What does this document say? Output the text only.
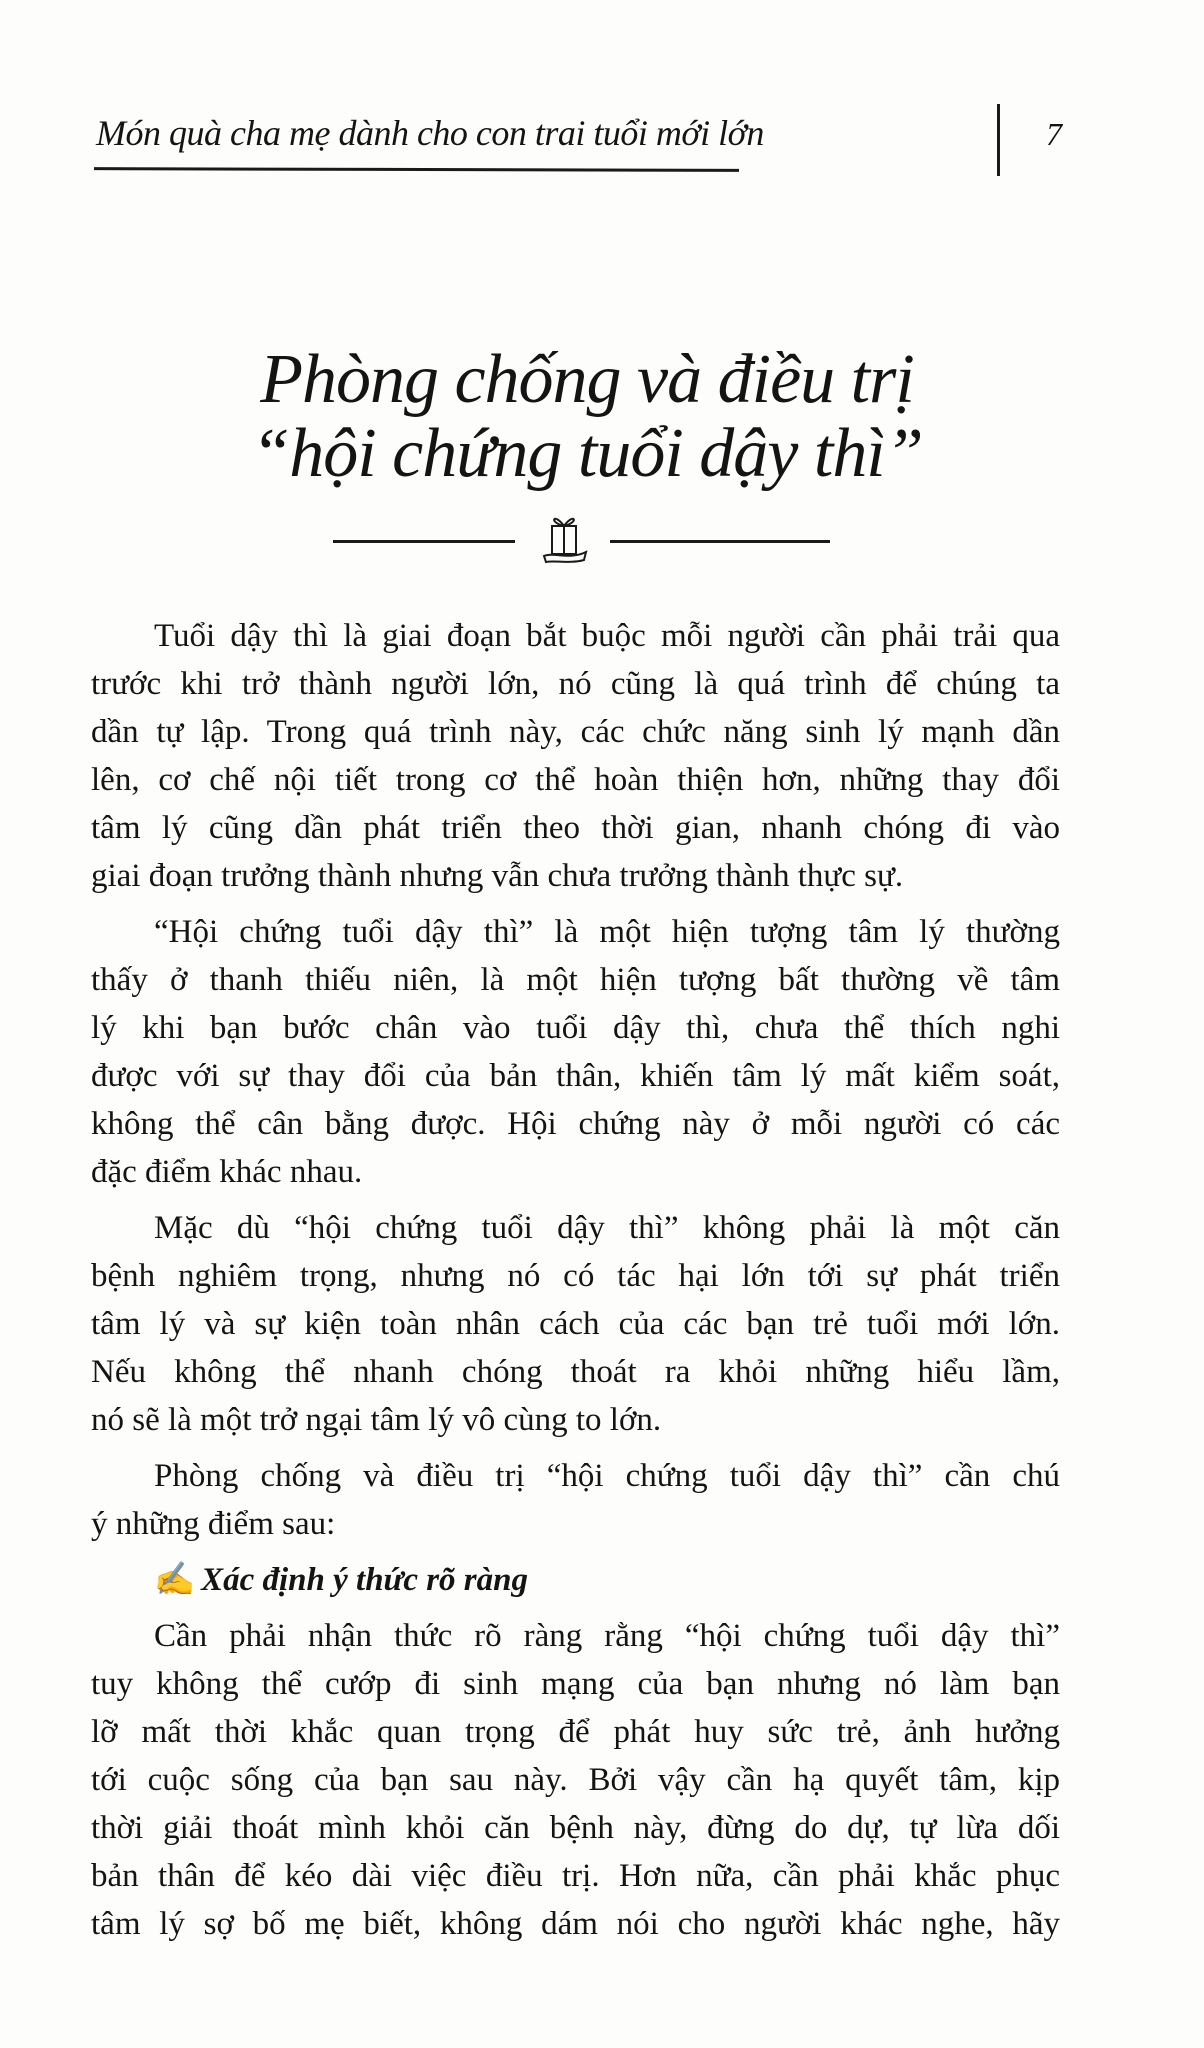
Món quà cha mẹ dành cho con trai tuổi mới lớn	7
Phòng chống và điều trị
“hội chứng tuổi dậy thì”
Tuổi dậy thì là giai đoạn bắt buộc mỗi người cần phải trải qua
trước khi trở thành người lớn, nó cũng là quá trình để chúng ta
dần tự lập. Trong quá trình này, các chức năng sinh lý mạnh dần
lên, cơ chế nội tiết trong cơ thể hoàn thiện hơn, những thay đổi
tâm lý cũng dần phát triển theo thời gian, nhanh chóng đi vào
giai đoạn trưởng thành nhưng vẫn chưa trưởng thành thực sự.
“Hội chứng tuổi dậy thì” là một hiện tượng tâm lý thường
thấy ở thanh thiếu niên, là một hiện tượng bất thường về tâm
lý khi bạn bước chân vào tuổi dậy thì, chưa thể thích nghi
được với sự thay đổi của bản thân, khiến tâm lý mất kiểm soát,
không thể cân bằng được. Hội chứng này ở mỗi người có các
đặc điểm khác nhau.
Mặc dù “hội chứng tuổi dậy thì” không phải là một căn
bệnh nghiêm trọng, nhưng nó có tác hại lớn tới sự phát triển
tâm lý và sự kiện toàn nhân cách của các bạn trẻ tuổi mới lớn.
Nếu không thể nhanh chóng thoát ra khỏi những hiểu lầm,
nó sẽ là một trở ngại tâm lý vô cùng to lớn.
Phòng chống và điều trị “hội chứng tuổi dậy thì” cần chú
ý những điểm sau:
✍ Xác định ý thức rõ ràng
Cần phải nhận thức rõ ràng rằng “hội chứng tuổi dậy thì”
tuy không thể cướp đi sinh mạng của bạn nhưng nó làm bạn
lỡ mất thời khắc quan trọng để phát huy sức trẻ, ảnh hưởng
tới cuộc sống của bạn sau này. Bởi vậy cần hạ quyết tâm, kịp
thời giải thoát mình khỏi căn bệnh này, đừng do dự, tự lừa dối
bản thân để kéo dài việc điều trị. Hơn nữa, cần phải khắc phục
tâm lý sợ bố mẹ biết, không dám nói cho người khác nghe, hãy
